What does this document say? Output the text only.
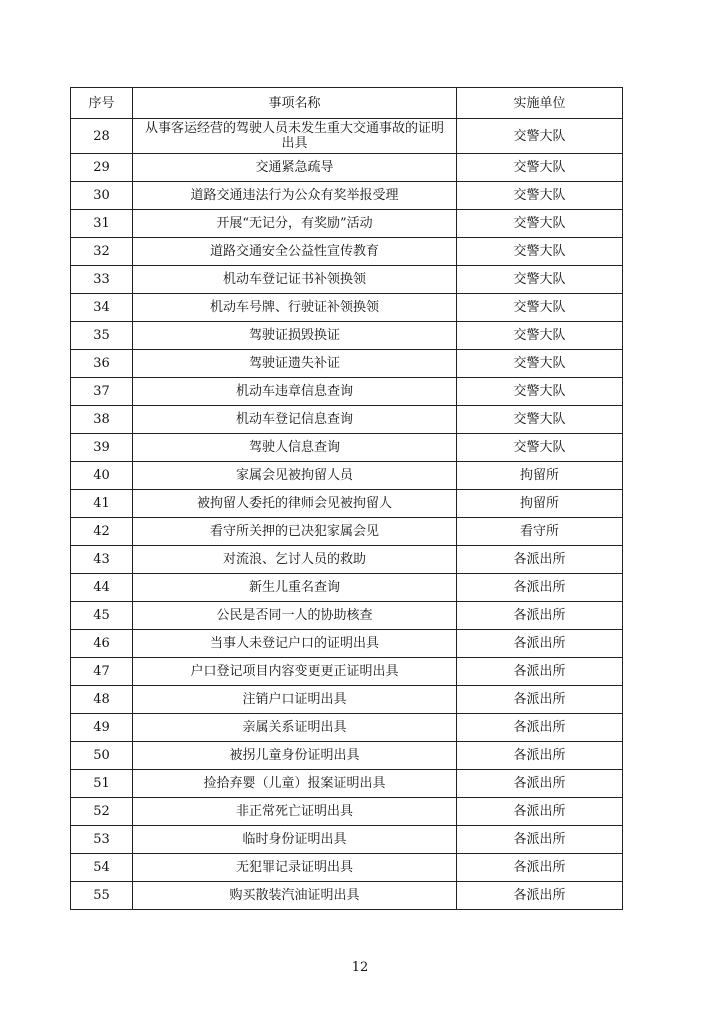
序号	事项名称	实施单位
28	从事客运经营的驾驶人员未发生重大交通事故的证明出具	交警大队
29	交通紧急疏导	交警大队
30	道路交通违法行为公众有奖举报受理	交警大队
31	开展“无记分，有奖励”活动	交警大队
32	道路交通安全公益性宣传教育	交警大队
33	机动车登记证书补领换领	交警大队
34	机动车号牌、行驶证补领换领	交警大队
35	驾驶证损毁换证	交警大队
36	驾驶证遗失补证	交警大队
37	机动车违章信息查询	交警大队
38	机动车登记信息查询	交警大队
39	驾驶人信息查询	交警大队
40	家属会见被拘留人员	拘留所
41	被拘留人委托的律师会见被拘留人	拘留所
42	看守所关押的已决犯家属会见	看守所
43	对流浪、乞讨人员的救助	各派出所
44	新生儿重名查询	各派出所
45	公民是否同一人的协助核查	各派出所
46	当事人未登记户口的证明出具	各派出所
47	户口登记项目内容变更更正证明出具	各派出所
48	注销户口证明出具	各派出所
49	亲属关系证明出具	各派出所
50	被拐儿童身份证明出具	各派出所
51	捡拾弃婴（儿童）报案证明出具	各派出所
52	非正常死亡证明出具	各派出所
53	临时身份证明出具	各派出所
54	无犯罪记录证明出具	各派出所
55	购买散装汽油证明出具	各派出所
12
